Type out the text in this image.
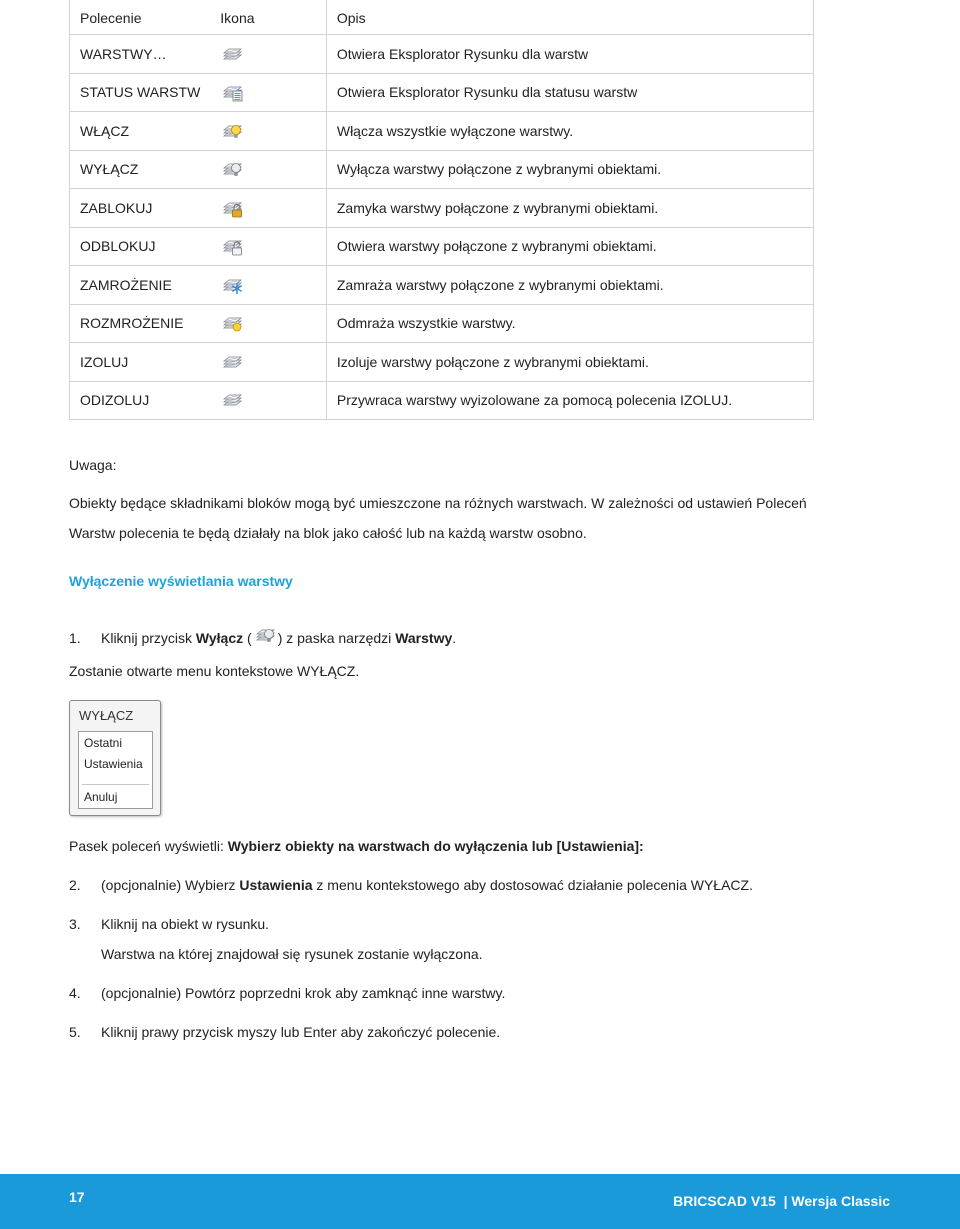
Polecenie	Ikona	Opis
WARSTWY…		Otwiera Eksplorator Rysunku dla warstw
STATUS WARSTW		Otwiera Eksplorator Rysunku dla statusu warstw
WŁĄCZ		Włącza wszystkie wyłączone warstwy.
WYŁĄCZ		Wyłącza warstwy połączone z wybranymi obiektami.
ZABLOKUJ		Zamyka warstwy połączone z wybranymi obiektami.
ODBLOKUJ		Otwiera warstwy połączone z wybranymi obiektami.
ZAMROŻENIE		Zamraża warstwy połączone z wybranymi obiektami.
ROZMROŻENIE		Odmraża wszystkie warstwy.
IZOLUJ		Izoluje warstwy połączone z wybranymi obiektami.
ODIZOLUJ		Przywraca warstwy wyizolowane za pomocą polecenia IZOLUJ.
Uwaga:
Obiekty będące składnikami bloków mogą być umieszczone na różnych warstwach. W zależności od ustawień Poleceń
Warstw polecenia te będą działały na blok jako całość lub na każdą warstw osobno.
Wyłączenie wyświetlania warstwy
1. Kliknij przycisk Wyłącz ( ) z paska narzędzi Warstwy.
Zostanie otwarte menu kontekstowe WYŁĄCZ.
WYŁĄCZ
Ostatni
Ustawienia
Anuluj
Pasek poleceń wyświetli: Wybierz obiekty na warstwach do wyłączenia lub [Ustawienia]:
2. (opcjonalnie) Wybierz Ustawienia z menu kontekstowego aby dostosować działanie polecenia WYŁACZ.
3. Kliknij na obiekt w rysunku.
Warstwa na której znajdował się rysunek zostanie wyłączona.
4. (opcjonalnie) Powtórz poprzedni krok aby zamknąć inne warstwy.
5. Kliknij prawy przycisk myszy lub Enter aby zakończyć polecenie.
17	BRICSCAD V15  | Wersja Classic
